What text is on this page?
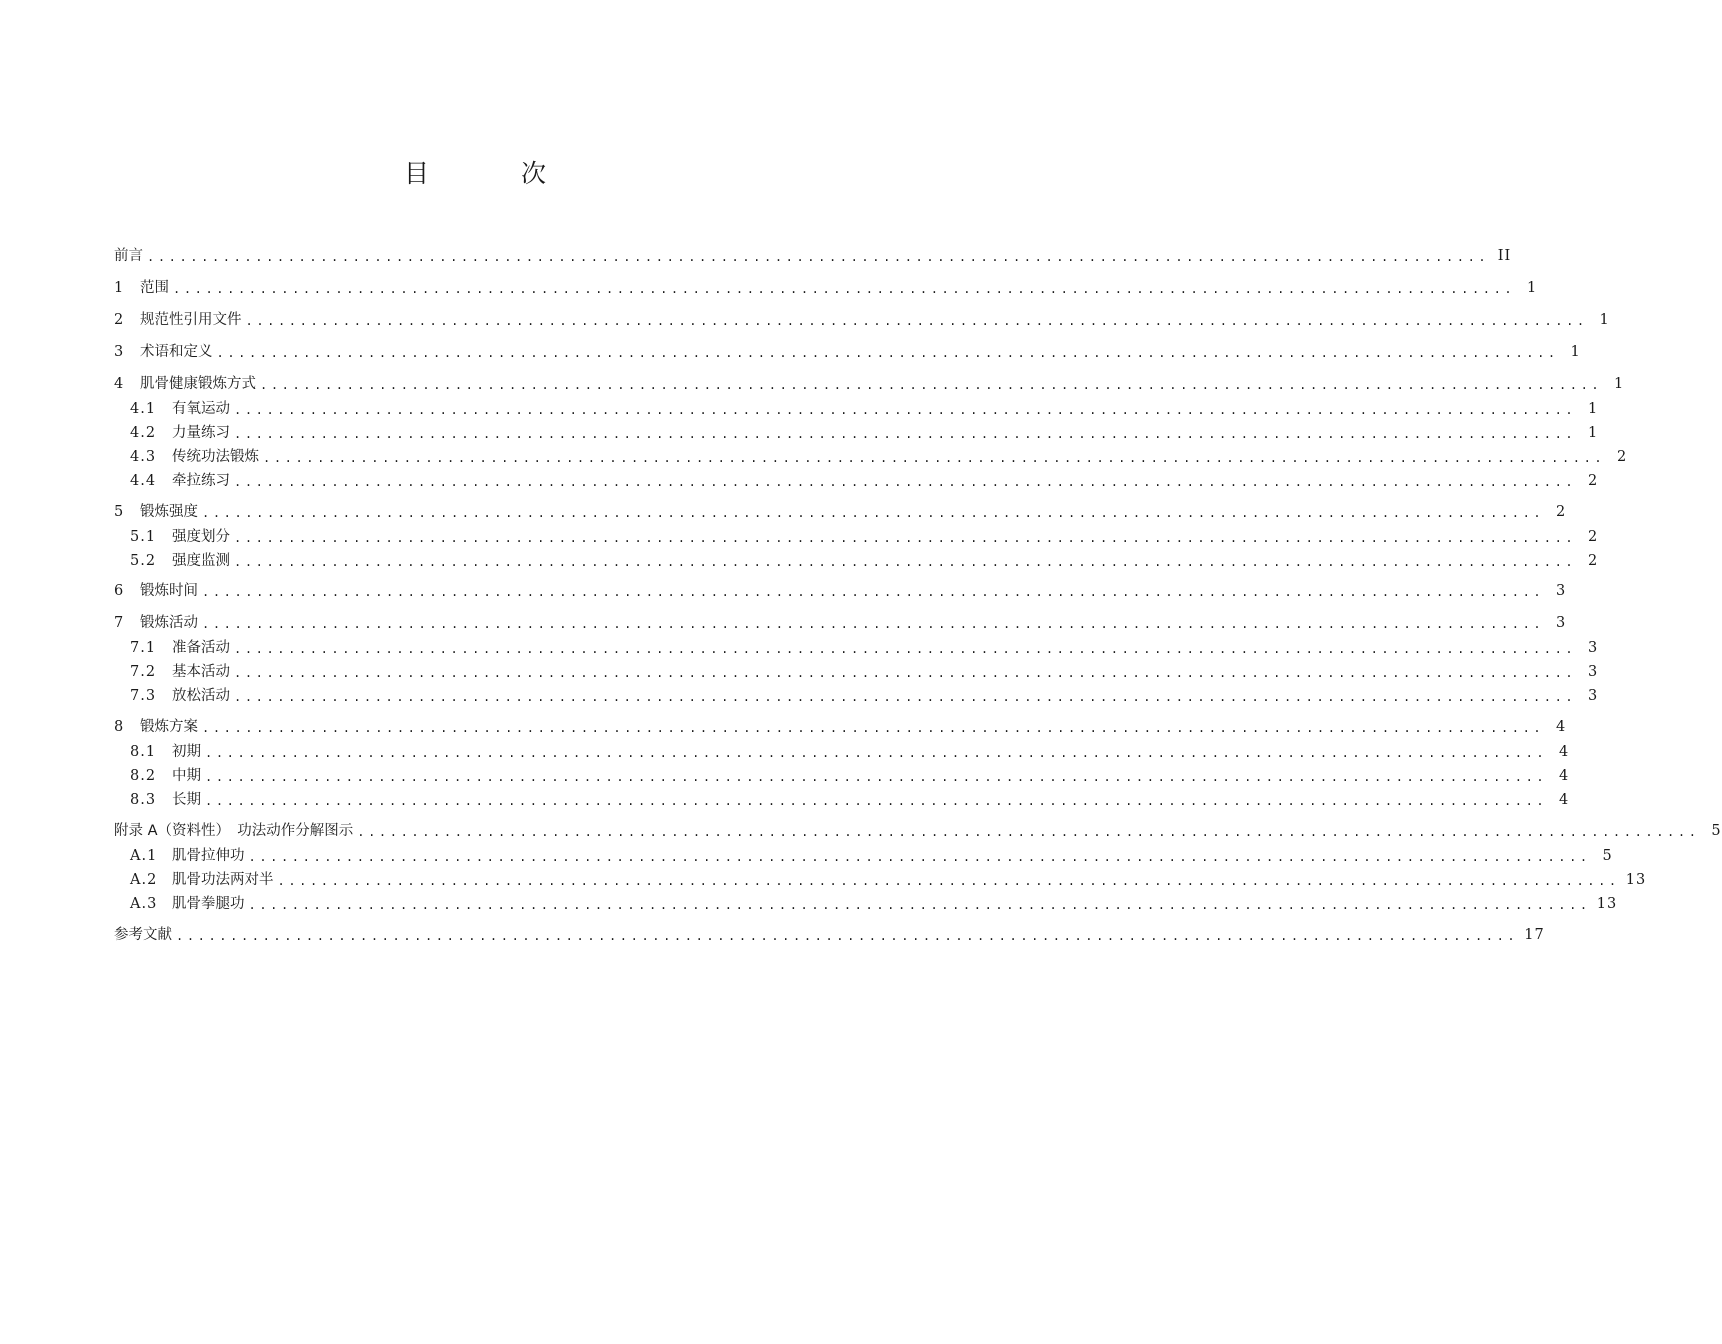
目 次
前言 ............................................................................................................................ II
1	范围 ............................................................................................................................ 1
2	规范性引用文件 ............................................................................................................................ 1
3	术语和定义 ............................................................................................................................ 1
4	肌骨健康锻炼方式 ............................................................................................................................ 1
4.1	有氧运动 ............................................................................................................................ 1
4.2	力量练习 ............................................................................................................................ 1
4.3	传统功法锻炼 ............................................................................................................................ 2
4.4	牵拉练习 ............................................................................................................................ 2
5	锻炼强度 ............................................................................................................................ 2
5.1	强度划分 ............................................................................................................................ 2
5.2	强度监测 ............................................................................................................................ 2
6	锻炼时间 ............................................................................................................................ 3
7	锻炼活动 ............................................................................................................................ 3
7.1	准备活动 ............................................................................................................................ 3
7.2	基本活动 ............................................................................................................................ 3
7.3	放松活动 ............................................................................................................................ 3
8	锻炼方案 ............................................................................................................................ 4
8.1	初期 ............................................................................................................................ 4
8.2	中期 ............................................................................................................................ 4
8.3	长期 ............................................................................................................................ 4
附录 A（资料性）　功法动作分解图示 ............................................................................................................................ 5
A.1	肌骨拉伸功 ............................................................................................................................ 5
A.2	肌骨功法两对半 ............................................................................................................................ 13
A.3	肌骨拳腿功 ............................................................................................................................ 13
参考文献 ............................................................................................................................ 17
